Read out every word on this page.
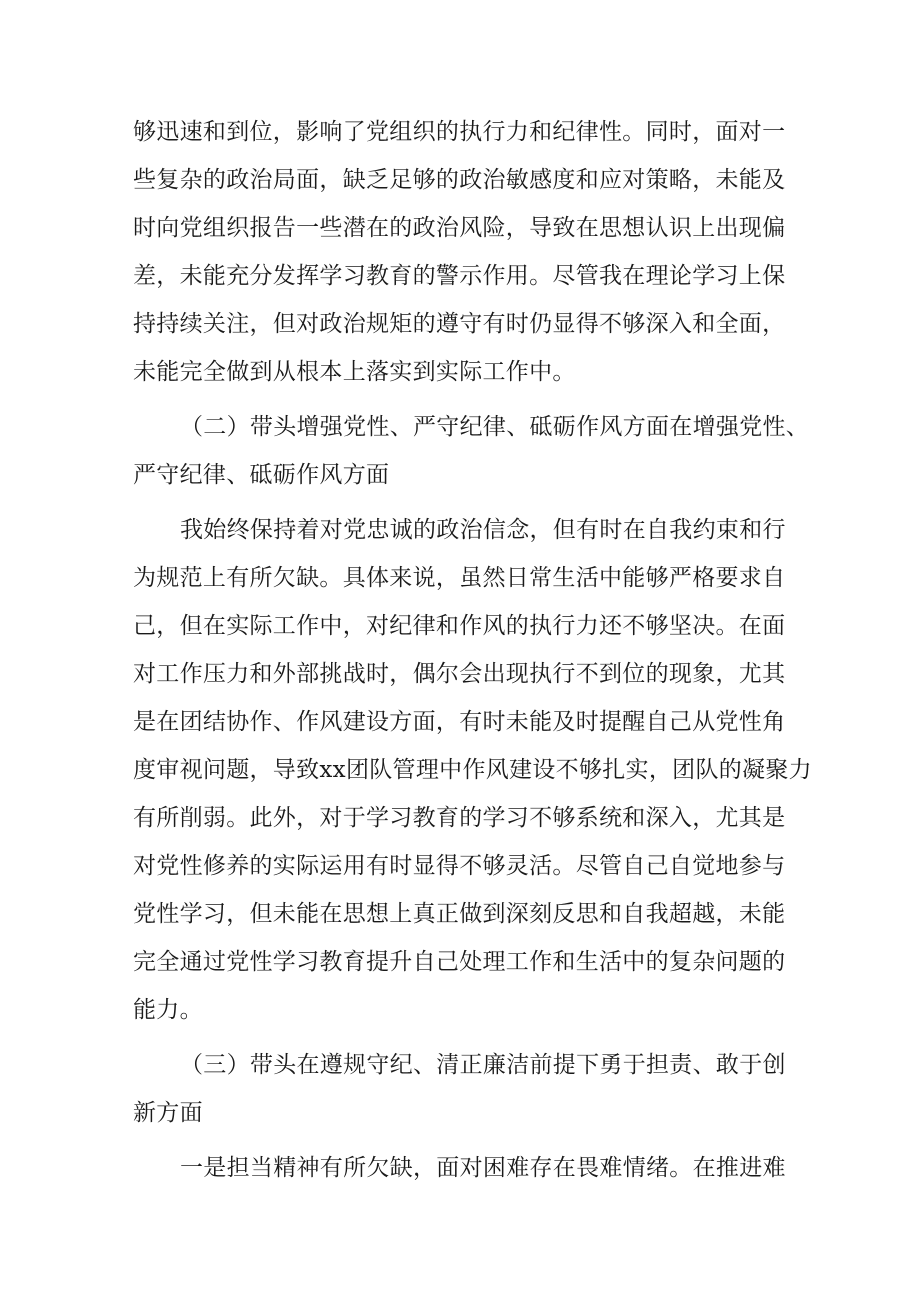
够迅速和到位，影响了党组织的执行力和纪律性。同时，面对一
些复杂的政治局面，缺乏足够的政治敏感度和应对策略，未能及
时向党组织报告一些潜在的政治风险，导致在思想认识上出现偏
差，未能充分发挥学习教育的警示作用。尽管我在理论学习上保
持持续关注，但对政治规矩的遵守有时仍显得不够深入和全面，
未能完全做到从根本上落实到实际工作中。
（二）带头增强党性、严守纪律、砥砺作风方面在增强党性、
严守纪律、砥砺作风方面
我始终保持着对党忠诚的政治信念，但有时在自我约束和行
为规范上有所欠缺。具体来说，虽然日常生活中能够严格要求自
己，但在实际工作中，对纪律和作风的执行力还不够坚决。在面
对工作压力和外部挑战时，偶尔会出现执行不到位的现象，尤其
是在团结协作、作风建设方面，有时未能及时提醒自己从党性角
度审视问题，导致xx团队管理中作风建设不够扎实，团队的凝聚力
有所削弱。此外，对于学习教育的学习不够系统和深入，尤其是
对党性修养的实际运用有时显得不够灵活。尽管自己自觉地参与
党性学习，但未能在思想上真正做到深刻反思和自我超越，未能
完全通过党性学习教育提升自己处理工作和生活中的复杂问题的
能力。
（三）带头在遵规守纪、清正廉洁前提下勇于担责、敢于创
新方面
一是担当精神有所欠缺，面对困难存在畏难情绪。在推进难
